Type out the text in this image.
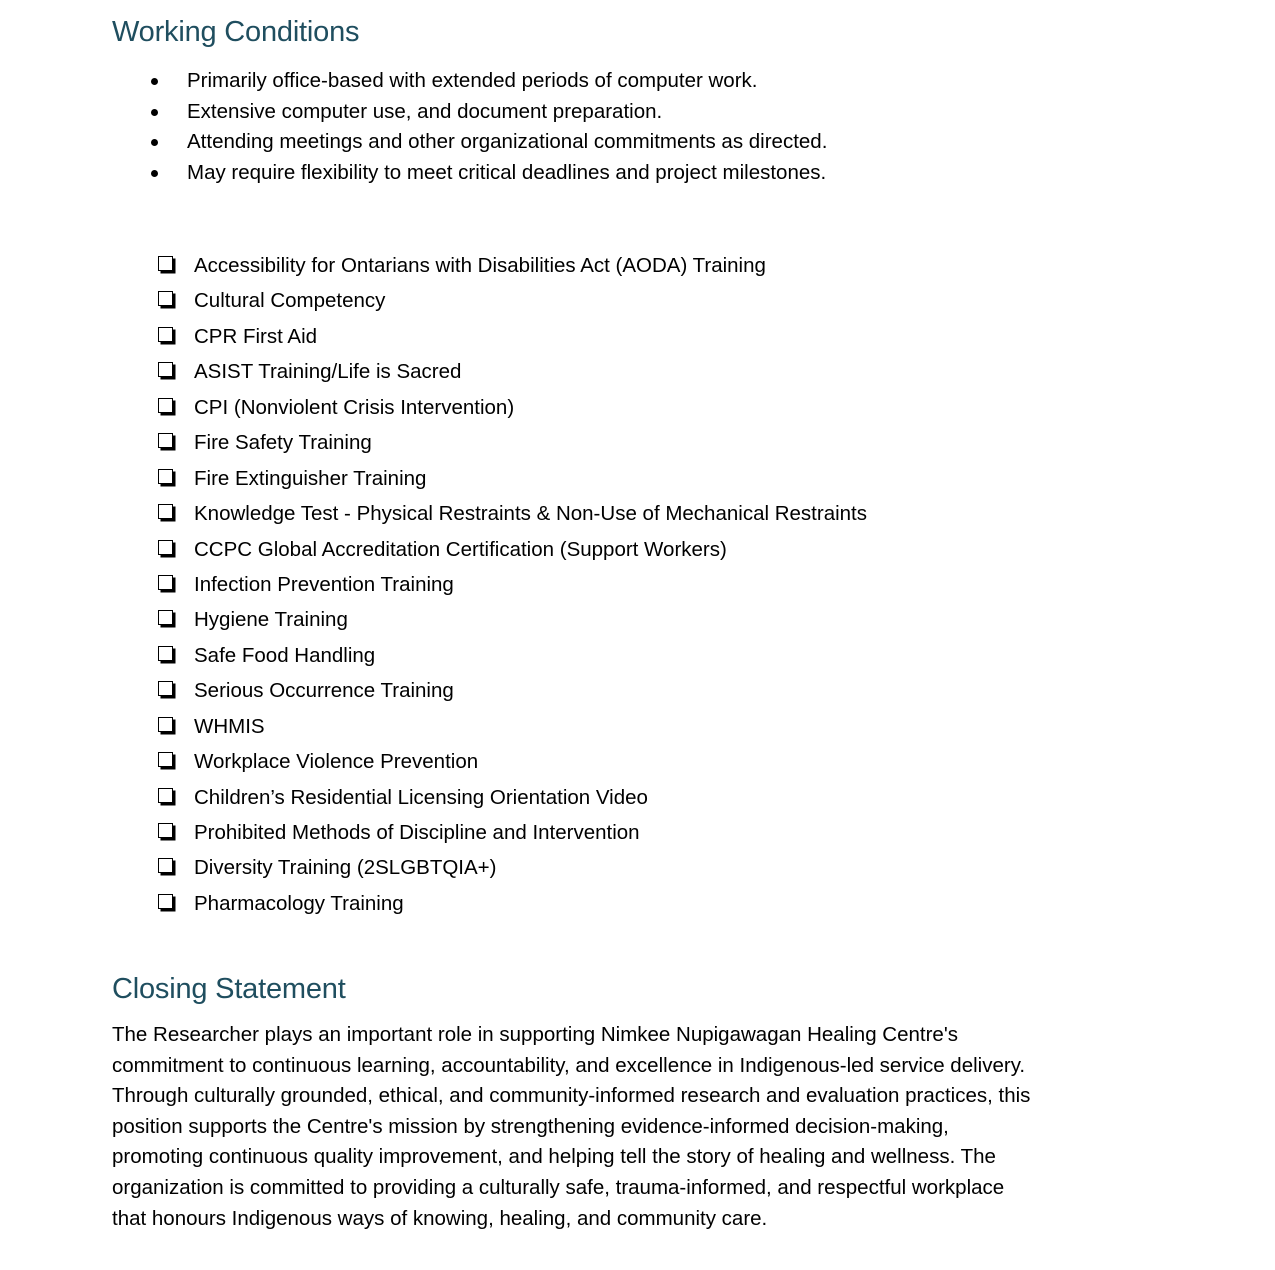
Working Conditions
Primarily office-based with extended periods of computer work.
Extensive computer use, and document preparation.
Attending meetings and other organizational commitments as directed.
May require flexibility to meet critical deadlines and project milestones.
Accessibility for Ontarians with Disabilities Act (AODA) Training
Cultural Competency
CPR First Aid
ASIST Training/Life is Sacred
CPI (Nonviolent Crisis Intervention)
Fire Safety Training
Fire Extinguisher Training
Knowledge Test - Physical Restraints & Non-Use of Mechanical Restraints
CCPC Global Accreditation Certification (Support Workers)
Infection Prevention Training
Hygiene Training
Safe Food Handling
Serious Occurrence Training
WHMIS
Workplace Violence Prevention
Children’s Residential Licensing Orientation Video
Prohibited Methods of Discipline and Intervention
Diversity Training (2SLGBTQIA+)
Pharmacology Training
Closing Statement

The Researcher plays an important role in supporting Nimkee Nupigawagan Healing Centre's
commitment to continuous learning, accountability, and excellence in Indigenous-led service delivery.
Through culturally grounded, ethical, and community-informed research and evaluation practices, this
position supports the Centre's mission by strengthening evidence-informed decision-making,
promoting continuous quality improvement, and helping tell the story of healing and wellness. The
organization is committed to providing a culturally safe, trauma-informed, and respectful workplace
that honours Indigenous ways of knowing, healing, and community care.
